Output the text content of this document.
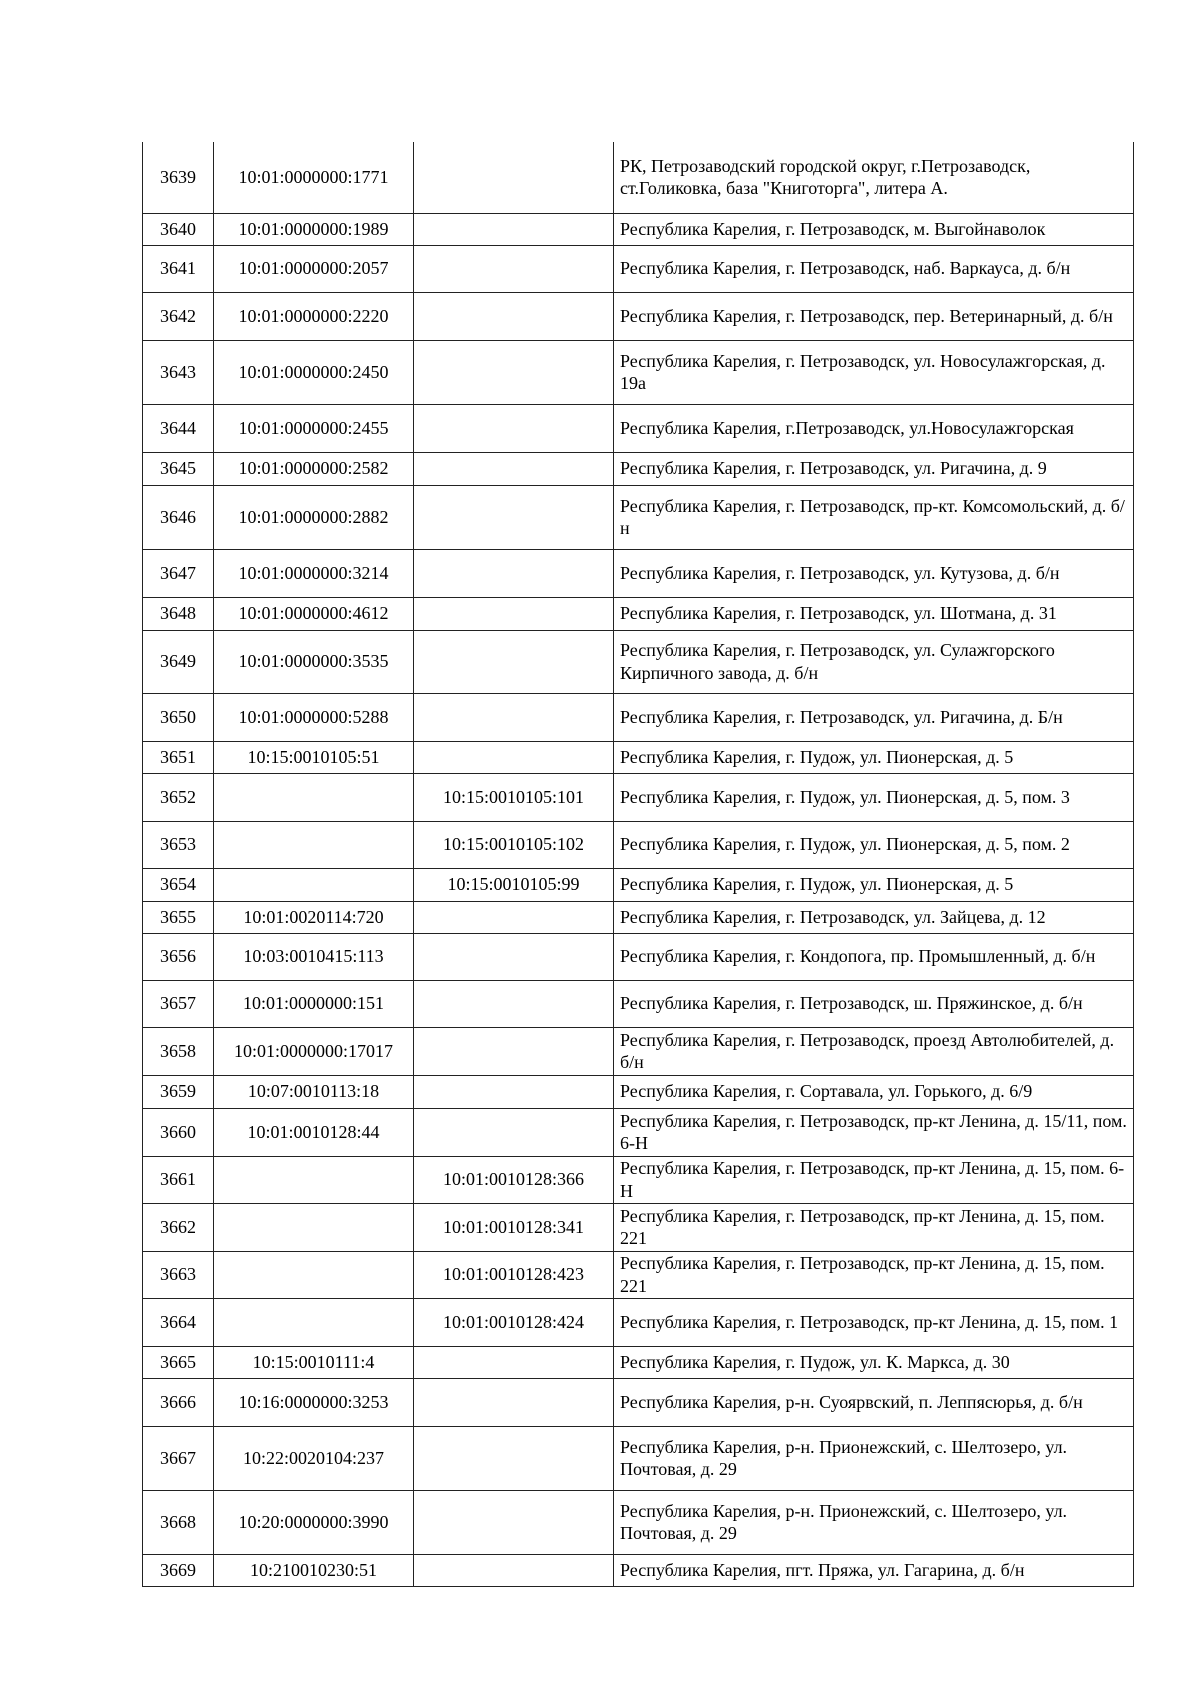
3639	10:01:0000000:1771		РК, Петрозаводский городской округ, г.Петрозаводск, ст.Голиковка, база "Книготорга", литера А.
3640	10:01:0000000:1989		Республика Карелия, г. Петрозаводск, м. Выгойнаволок
3641	10:01:0000000:2057		Республика Карелия, г. Петрозаводск, наб. Варкауса, д. б/н
3642	10:01:0000000:2220		Республика Карелия, г. Петрозаводск, пер. Ветеринарный, д. б/н
3643	10:01:0000000:2450		Республика Карелия, г. Петрозаводск, ул. Новосулажгорская, д. 19а
3644	10:01:0000000:2455		Республика Карелия, г.Петрозаводск, ул.Новосулажгорская
3645	10:01:0000000:2582		Республика Карелия, г. Петрозаводск, ул. Ригачина, д. 9
3646	10:01:0000000:2882		Республика Карелия, г. Петрозаводск, пр-кт. Комсомольский, д. б/н
3647	10:01:0000000:3214		Республика Карелия, г. Петрозаводск, ул. Кутузова, д. б/н
3648	10:01:0000000:4612		Республика Карелия, г. Петрозаводск, ул. Шотмана, д. 31
3649	10:01:0000000:3535		Республика Карелия, г. Петрозаводск, ул. Сулажгорского Кирпичного завода, д. б/н
3650	10:01:0000000:5288		Республика Карелия, г. Петрозаводск, ул. Ригачина, д. Б/н
3651	10:15:0010105:51		Республика Карелия, г. Пудож, ул. Пионерская, д. 5
3652		10:15:0010105:101	Республика Карелия, г. Пудож, ул. Пионерская, д. 5, пом. 3
3653		10:15:0010105:102	Республика Карелия, г. Пудож, ул. Пионерская, д. 5, пом. 2
3654		10:15:0010105:99	Республика Карелия, г. Пудож, ул. Пионерская, д. 5
3655	10:01:0020114:720		Республика Карелия, г. Петрозаводск, ул. Зайцева, д. 12
3656	10:03:0010415:113		Республика Карелия, г. Кондопога, пр. Промышленный, д. б/н
3657	10:01:0000000:151		Республика Карелия, г. Петрозаводск, ш. Пряжинское, д. б/н
3658	10:01:0000000:17017		Республика Карелия, г. Петрозаводск, проезд Автолюбителей, д. б/н
3659	10:07:0010113:18		Республика Карелия, г. Сортавала, ул. Горького, д. 6/9
3660	10:01:0010128:44		Республика Карелия, г. Петрозаводск, пр-кт Ленина, д. 15/11, пом. 6-Н
3661		10:01:0010128:366	Республика Карелия, г. Петрозаводск, пр-кт Ленина, д. 15, пом. 6-Н
3662		10:01:0010128:341	Республика Карелия, г. Петрозаводск, пр-кт Ленина, д. 15, пом. 221
3663		10:01:0010128:423	Республика Карелия, г. Петрозаводск, пр-кт Ленина, д. 15, пом. 221
3664		10:01:0010128:424	Республика Карелия, г. Петрозаводск, пр-кт Ленина, д. 15, пом. 1
3665	10:15:0010111:4		Республика Карелия, г. Пудож, ул. К. Маркса, д. 30
3666	10:16:0000000:3253		Республика Карелия, р-н. Суоярвский, п. Леппясюрья, д. б/н
3667	10:22:0020104:237		Республика Карелия, р-н. Прионежский, с. Шелтозеро, ул. Почтовая, д. 29
3668	10:20:0000000:3990		Республика Карелия, р-н. Прионежский, с. Шелтозеро, ул. Почтовая, д. 29
3669	10:210010230:51		Республика Карелия, пгт. Пряжа, ул. Гагарина, д. б/н
